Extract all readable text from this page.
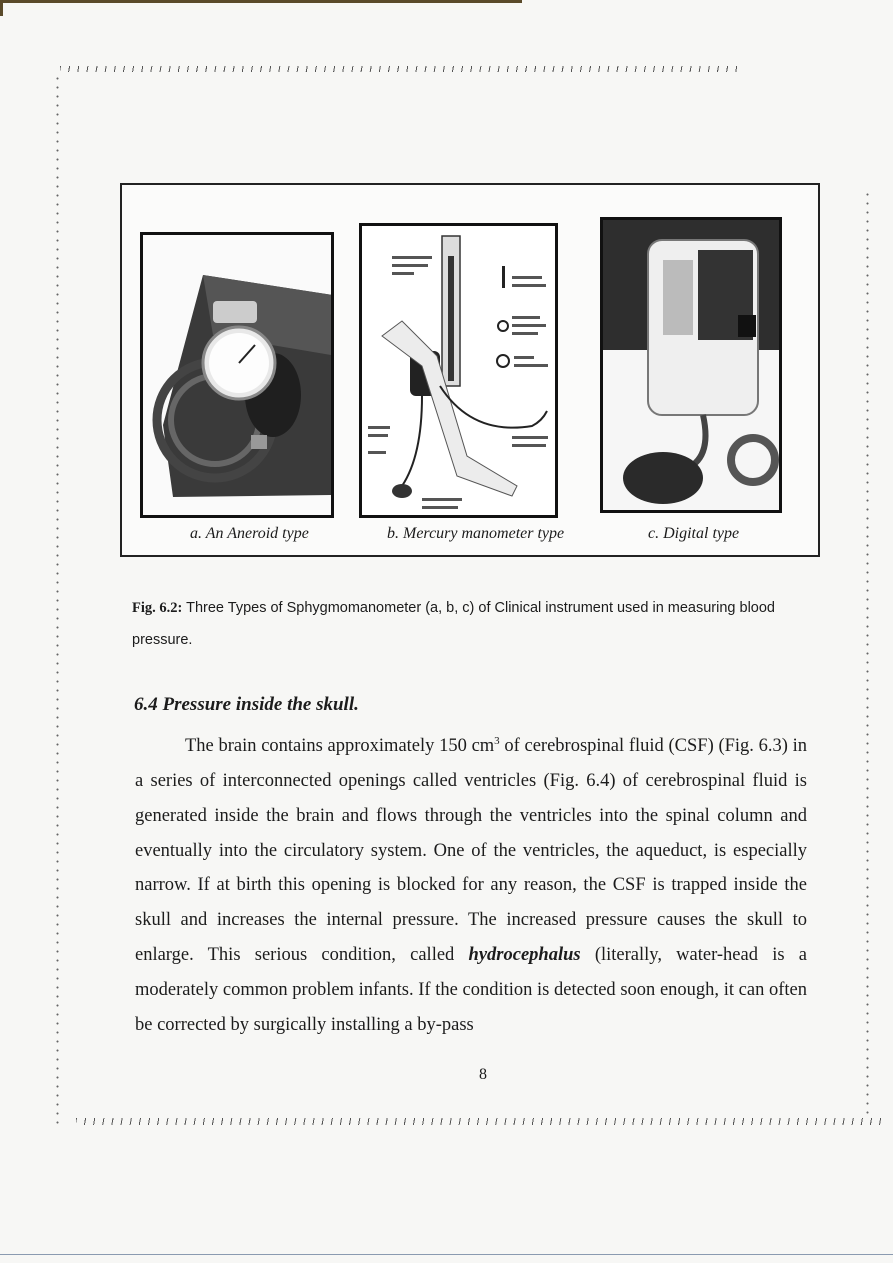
a. An Aneroid type	b. Mercury manometer type	c. Digital type
Fig. 6.2: Three Types of Sphygmomanometer (a, b, c) of Clinical instrument used in measuring blood pressure.
6.4 Pressure inside the skull.

The brain contains approximately 150 $cm^3$ of cerebrospinal fluid (CSF) (Fig. 6.3) in a series of interconnected openings called ventricles (Fig. 6.4) of cerebrospinal fluid is generated inside the brain and flows through the ventricles into the spinal column and eventually into the circulatory system. One of the ventricles, the aqueduct, is especially narrow. If at birth this opening is blocked for any reason, the CSF is trapped inside the skull and increases the internal pressure. The increased pressure causes the skull to enlarge. This serious condition, called hydrocephalus (literally, water-head is a moderately common problem infants. If the condition is detected soon enough, it can often be corrected by surgically installing a by-pass

8
